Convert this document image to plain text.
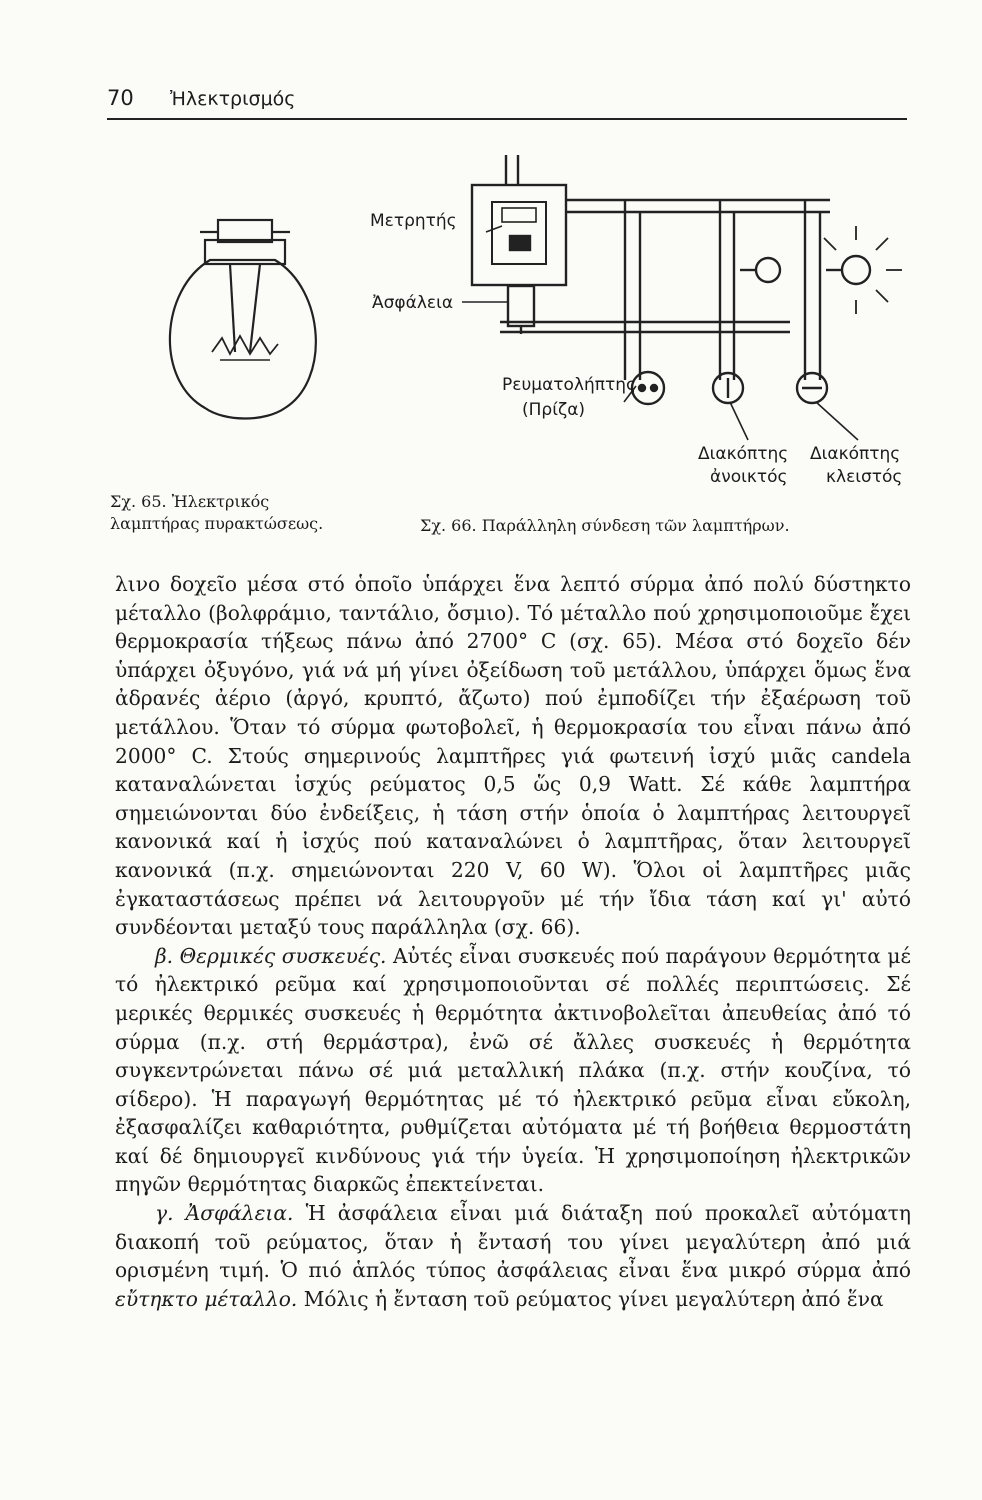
70 Ἠλεκτρισμός
Μετρητής
Ἀσφάλεια
Ρευματολήπτης
(Πρίζα)
Διακόπτης
ἀνοικτός
Διακόπτης
κλειστός
Σχ. 65. Ἠλεκτρικός λαμπτήρας πυρακτώσεως.	Σχ. 66. Παράλληλη σύνδεση τῶν λαμπτήρων.

λινο δοχεῖο μέσα στό ὁποῖο ὑπάρχει ἕνα λεπτό σύρμα ἀπό πολύ δύστηκτο μέταλλο (βολφράμιο, ταντάλιο, ὄσμιο). Τό μέταλλο πού χρησιμοποιοῦμε ἔχει θερμοκρασία τήξεως πάνω ἀπό 2700° C (σχ. 65). Μέσα στό δοχεῖο δέν ὑπάρχει ὀξυγόνο, γιά νά μή γίνει ὀξείδωση τοῦ μετάλλου, ὑπάρχει ὅμως ἕνα ἀδρανές ἀέριο (ἀργό, κρυπτό, ἄζωτο) πού ἐμποδίζει τήν ἐξαέρωση τοῦ μετάλλου. Ὅταν τό σύρμα φωτοβολεῖ, ἡ θερμοκρασία του εἶναι πάνω ἀπό 2000° C. Στούς σημερινούς λαμπτῆρες γιά φωτεινή ἰσχύ μιᾶς candela καταναλώνεται ἰσχύς ρεύματος 0,5 ὥς 0,9 Watt. Σέ κάθε λαμπτήρα σημειώνονται δύο ἐνδείξεις, ἡ τάση στήν ὁποία ὁ λαμπτήρας λειτουργεῖ κανονικά καί ἡ ἰσχύς πού καταναλώνει ὁ λαμπτῆρας, ὅταν λειτουργεῖ κανονικά (π.χ. σημειώνονται 220 V, 60 W). Ὅλοι οἱ λαμπτῆρες μιᾶς ἐγκαταστάσεως πρέπει νά λειτουργοῦν μέ τήν ἴδια τάση καί γι' αὐτό συνδέονται μεταξύ τους παράλληλα (σχ. 66).

β. Θερμικές συσκευές. Αὐτές εἶναι συσκευές πού παράγουν θερμότητα μέ τό ἠλεκτρικό ρεῦμα καί χρησιμοποιοῦνται σέ πολλές περιπτώσεις. Σέ μερικές θερμικές συσκευές ἡ θερμότητα ἀκτινοβολεῖται ἀπευθείας ἀπό τό σύρμα (π.χ. στή θερμάστρα), ἐνῶ σέ ἄλλες συσκευές ἡ θερμότητα συγκεντρώνεται πάνω σέ μιά μεταλλική πλάκα (π.χ. στήν κουζίνα, τό σίδερο). Ἡ παραγωγή θερμότητας μέ τό ἠλεκτρικό ρεῦμα εἶναι εὔκολη, ἐξασφαλίζει καθαριότητα, ρυθμίζεται αὐτόματα μέ τή βοήθεια θερμοστάτη καί δέ δημιουργεῖ κινδύνους γιά τήν ὑγεία. Ἡ χρησιμοποίηση ἠλεκτρικῶν πηγῶν θερμότητας διαρκῶς ἐπεκτείνεται.

γ. Ἀσφάλεια. Ἡ ἀσφάλεια εἶναι μιά διάταξη πού προκαλεῖ αὐτόματη διακοπή τοῦ ρεύματος, ὅταν ἡ ἔντασή του γίνει μεγαλύτερη ἀπό μιά ορισμένη τιμή. Ὁ πιό ἁπλός τύπος ἀσφάλειας εἶναι ἕνα μικρό σύρμα ἀπό εὔτηκτο μέταλλο. Μόλις ἡ ἔνταση τοῦ ρεύματος γίνει μεγαλύτερη ἀπό ἕνα
